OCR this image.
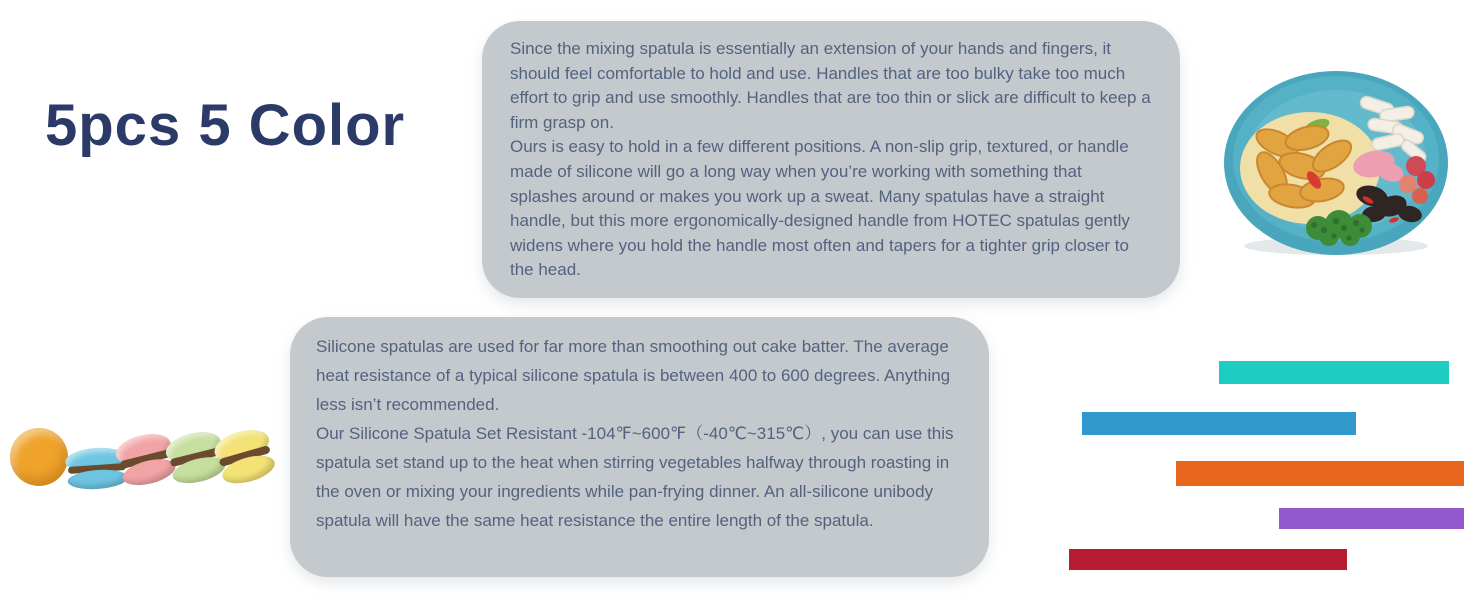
5pcs 5 Color

Since the mixing spatula is essentially an extension of your hands and fingers, it should feel comfortable to hold and use. Handles that are too bulky take too much effort to grip and use smoothly. Handles that are too thin or slick are difficult to keep a firm grasp on.

Ours is easy to hold in a few different positions. A non-slip grip, textured, or handle made of silicone will go a long way when you’re working with something that splashes around or makes you work up a sweat. Many spatulas have a straight handle, but this more ergonomically-designed handle from HOTEC spatulas gently widens where you hold the handle most often and tapers for a tighter grip closer to the head.

Silicone spatulas are used for far more than smoothing out cake batter. The average heat resistance of a typical silicone spatula is between 400 to 600 degrees. Anything less isn’t recommended.

Our Silicone Spatula Set Resistant -104℉~600℉（-40℃~315℃）, you can use this spatula set stand up to the heat when stirring vegetables halfway through roasting in the oven or mixing your ingredients while pan-frying dinner. An all-silicone unibody spatula will have the same heat resistance the entire length of the spatula.
